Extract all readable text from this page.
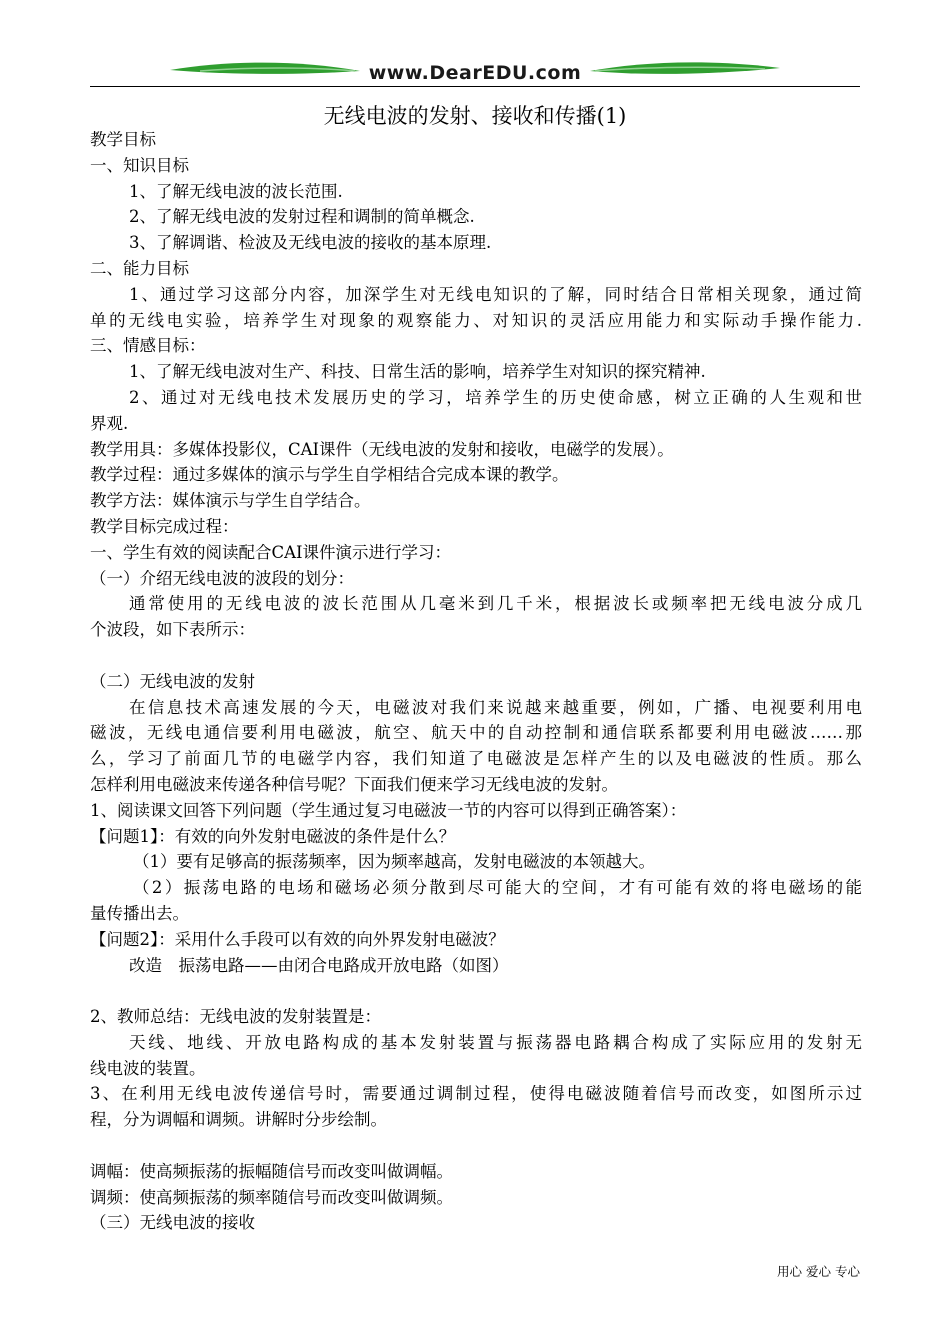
www.DearEDU.com
无线电波的发射、接收和传播(1)
教学目标
一、知识目标
1、了解无线电波的波长范围.
2、了解无线电波的发射过程和调制的简单概念.
3、了解调谐、检波及无线电波的接收的基本原理.
二、能力目标
1、通过学习这部分内容，加深学生对无线电知识的了解，同时结合日常相关现象，通过简
单的无线电实验，培养学生对现象的观察能力、对知识的灵活应用能力和实际动手操作能力.
三、情感目标：
1、了解无线电波对生产、科技、日常生活的影响，培养学生对知识的探究精神.
2、通过对无线电技术发展历史的学习，培养学生的历史使命感，树立正确的人生观和世
界观.
教学用具：多媒体投影仪，CAI课件（无线电波的发射和接收，电磁学的发展）。
教学过程：通过多媒体的演示与学生自学相结合完成本课的教学。
教学方法：媒体演示与学生自学结合。
教学目标完成过程：
一、学生有效的阅读配合CAI课件演示进行学习：
（一）介绍无线电波的波段的划分：
通常使用的无线电波的波长范围从几毫米到几千米，根据波长或频率把无线电波分成几
个波段，如下表所示：
（二）无线电波的发射
在信息技术高速发展的今天，电磁波对我们来说越来越重要，例如，广播、电视要利用电
磁波，无线电通信要利用电磁波，航空、航天中的自动控制和通信联系都要利用电磁波……那
么，学习了前面几节的电磁学内容，我们知道了电磁波是怎样产生的以及电磁波的性质。那么
怎样利用电磁波来传递各种信号呢？下面我们便来学习无线电波的发射。
1、阅读课文回答下列问题（学生通过复习电磁波一节的内容可以得到正确答案）：
【问题1】：有效的向外发射电磁波的条件是什么？
（1）要有足够高的振荡频率，因为频率越高，发射电磁波的本领越大。
（2）振荡电路的电场和磁场必须分散到尽可能大的空间，才有可能有效的将电磁场的能
量传播出去。
【问题2】：采用什么手段可以有效的向外界发射电磁波？
改造　振荡电路——由闭合电路成开放电路（如图）
2、教师总结：无线电波的发射装置是：
天线、地线、开放电路构成的基本发射装置与振荡器电路耦合构成了实际应用的发射无
线电波的装置。
3、在利用无线电波传递信号时，需要通过调制过程，使得电磁波随着信号而改变，如图所示过
程，分为调幅和调频。讲解时分步绘制。
调幅：使高频振荡的振幅随信号而改变叫做调幅。
调频：使高频振荡的频率随信号而改变叫做调频。
（三）无线电波的接收
用心 爱心 专心
